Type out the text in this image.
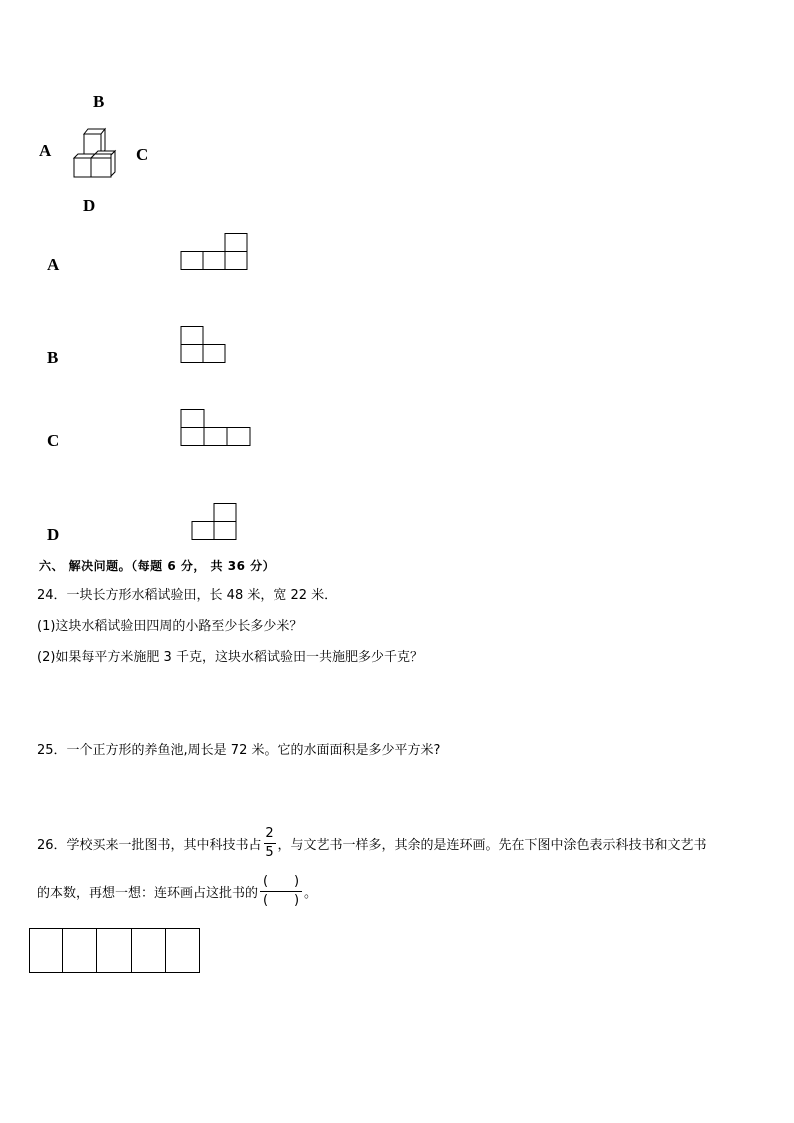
B
A	C
D
A
B
C
D
六、 解决问题。（每题 6 分， 共 36 分）
24．一块长方形水稻试验田，长 48 米，宽 22 米．
(1)这块水稻试验田四周的小路至少长多少米？
(2)如果每平方米施肥 3 千克，这块水稻试验田一共施肥多少千克？
25．一个正方形的养鱼池,周长是 72 米。它的水面面积是多少平方米?
26．学校买来一批图书，其中科技书占 $\frac{2}{5}$ ，与文艺书一样多，其余的是连环画。先在下图中涂色表示科技书和文艺书
的本数，再想一想：连环画占这批书的 $\frac{( )}{( )}$ 。
